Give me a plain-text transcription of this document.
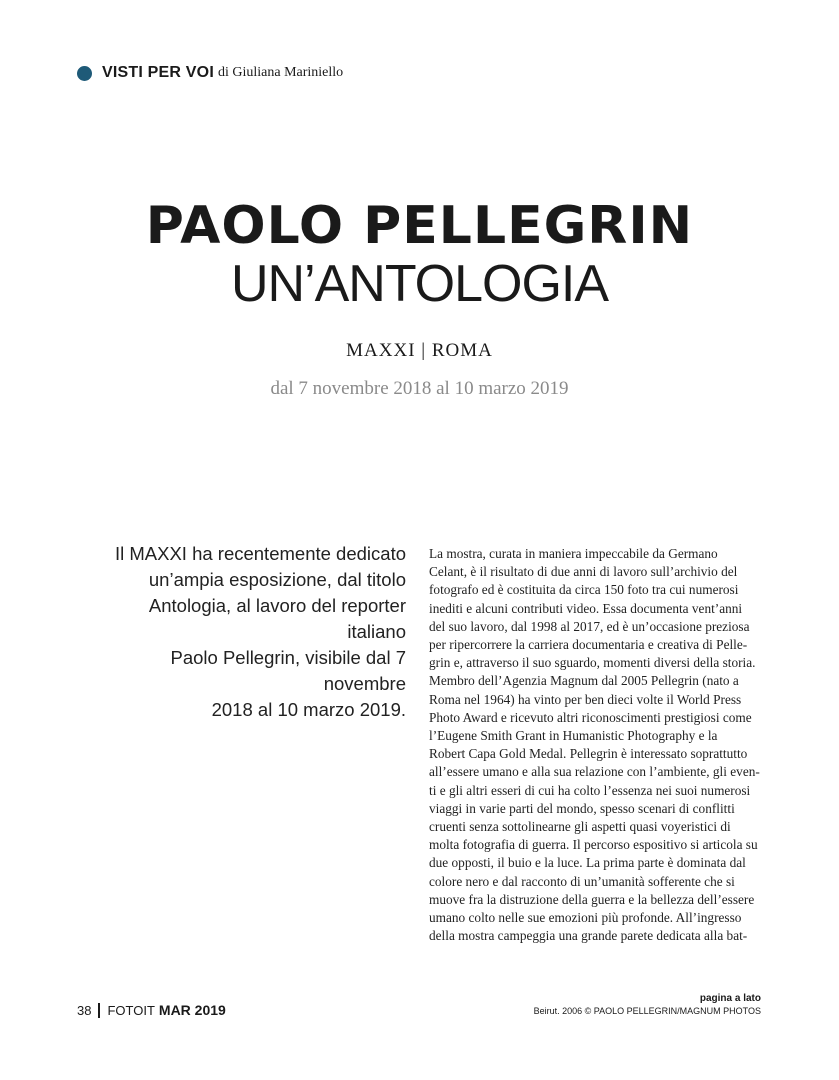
VISTI PER VOI di Giuliana Mariniello
PAOLO PELLEGRIN
UN’ANTOLOGIA
MAXXI | ROMA
dal 7 novembre 2018 al 10 marzo 2019
Il MAXXI ha recentemente dedicato
un’ampia esposizione, dal titolo
Antologia, al lavoro del reporter italiano
Paolo Pellegrin, visibile dal 7 novembre
2018 al 10 marzo 2019.
La mostra, curata in maniera impeccabile da Germano
Celant, è il risultato di due anni di lavoro sull’archivio del
fotografo ed è costituita da circa 150 foto tra cui numerosi
inediti e alcuni contributi video. Essa documenta vent’anni
del suo lavoro, dal 1998 al 2017, ed è un’occasione preziosa
per ripercorrere la carriera documentaria e creativa di Pelle-
grin e, attraverso il suo sguardo, momenti diversi della storia.
Membro dell’Agenzia Magnum dal 2005 Pellegrin (nato a
Roma nel 1964) ha vinto per ben dieci volte il World Press
Photo Award e ricevuto altri riconoscimenti prestigiosi come
l’Eugene Smith Grant in Humanistic Photography e la
Robert Capa Gold Medal. Pellegrin è interessato soprattutto
all’essere umano e alla sua relazione con l’ambiente, gli even-
ti e gli altri esseri di cui ha colto l’essenza nei suoi numerosi
viaggi in varie parti del mondo, spesso scenari di conflitti
cruenti senza sottolinearne gli aspetti quasi voyeristici di
molta fotografia di guerra. Il percorso espositivo si articola su
due opposti, il buio e la luce. La prima parte è dominata dal
colore nero e dal racconto di un’umanità sofferente che si
muove fra la distruzione della guerra e la bellezza dell’essere
umano colto nelle sue emozioni più profonde. All’ingresso
della mostra campeggia una grande parete dedicata alla bat-
38 FOTOIT MAR 2019
pagina a lato
Beirut. 2006 © PAOLO PELLEGRIN/MAGNUM PHOTOS
